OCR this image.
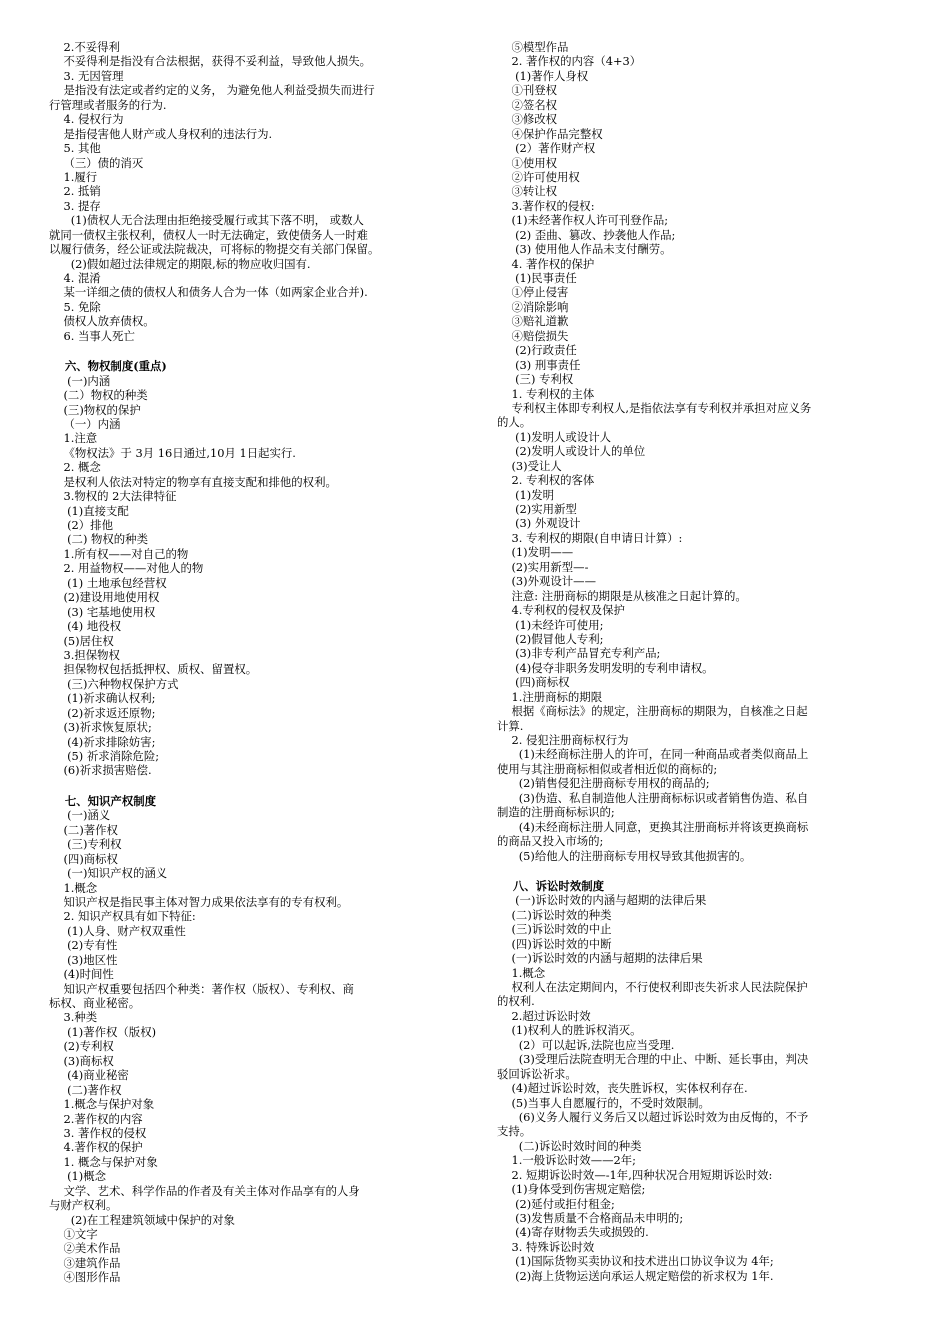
2.不妥得利
不妥得利是指没有合法根据，获得不妥利益，导致他人损失。
3. 无因管理
是指没有法定或者约定的义务， 为避免他人利益受损失而进行
行管理或者服务的行为.
4. 侵权行为
是指侵害他人财产或人身权利的违法行为.
5. 其他
（三）债的消灭
1.履行
2. 抵销
3. 提存
(1)债权人无合法理由拒绝接受履行或其下落不明， 或数人
就同一债权主张权利，债权人一时无法确定，致使债务人一时难
以履行债务，经公证或法院裁决，可将标的物提交有关部门保留。
(2)假如超过法律规定的期限,标的物应收归国有.
4. 混淆
某一详细之债的债权人和债务人合为一体（如两家企业合并).
5. 免除
债权人放弃债权。
6. 当事人死亡
六、物权制度(重点)
(一)内涵
(二）物权的种类
(三)物权的保护
（一）内涵
1.注意
《物权法》于 3月 16日通过,10月 1日起实行.
2. 概念
是权利人依法对特定的物享有直接支配和排他的权利。
3.物权的 2大法律特征
(1)直接支配
(2）排他
(二) 物权的种类
1.所有权——对自己的物
2. 用益物权——对他人的物
(1) 土地承包经营权
(2)建设用地使用权
(3) 宅基地使用权
(4) 地役权
(5)居住权
3.担保物权
担保物权包括抵押权、质权、留置权。
(三)六种物权保护方式
(1)祈求确认权利;
(2)祈求返还原物;
(3)祈求恢复原状;
(4)祈求排除妨害;
(5) 祈求消除危险;
(6)祈求损害赔偿.
七、知识产权制度
(一)涵义
(二)著作权
(三)专利权
(四)商标权
(一)知识产权的涵义
1.概念
知识产权是指民事主体对智力成果依法享有的专有权利。
2. 知识产权具有如下特征:
(1)人身、财产权双重性
(2)专有性
(3)地区性
(4)时间性
知识产权重要包括四个种类：著作权（版权）、专利权、商
标权、商业秘密。
3.种类
(1)著作权（版权)
(2)专利权
(3)商标权
(4)商业秘密
(二)著作权
1.概念与保护对象
2.著作权的内容
3. 著作权的侵权
4.著作权的保护
1. 概念与保护对象
(1)概念
文学、艺术、科学作品的作者及有关主体对作品享有的人身
与财产权利。
(2)在工程建筑领域中保护的对象
①文字
②美术作品
③建筑作品
④图形作品
⑤模型作品
2. 著作权的内容（4+3）
(1)著作人身权
①刊登权
②签名权
③修改权
④保护作品完整权
(2）著作财产权
①使用权
②许可使用权
③转让权
3.著作权的侵权:
(1)未经著作权人许可刊登作品;
(2) 歪曲、篡改、抄袭他人作品;
(3) 使用他人作品未支付酬劳。
4. 著作权的保护
(1)民事责任
①停止侵害
②消除影响
③赔礼道歉
④赔偿损失
(2)行政责任
(3) 刑事责任
(三) 专利权
1. 专利权的主体
专利权主体即专利权人,是指依法享有专利权并承担对应义务
的人。
(1)发明人或设计人
(2)发明人或设计人的单位
(3)受让人
2. 专利权的客体
(1)发明
(2)实用新型
(3) 外观设计
3. 专利权的期限(自申请日计算）:
(1)发明——
(2)实用新型—-
(3)外观设计——
注意: 注册商标的期限是从核准之日起计算的。
4.专利权的侵权及保护
(1)未经许可使用;
(2)假冒他人专利;
(3)非专利产品冒充专利产品;
(4)侵夺非职务发明发明的专利申请权。
(四)商标权
1.注册商标的期限
根据《商标法》的规定，注册商标的期限为，自核准之日起
计算.
2. 侵犯注册商标权行为
(1)未经商标注册人的许可，在同一种商品或者类似商品上
使用与其注册商标相似或者相近似的商标的;
(2)销售侵犯注册商标专用权的商品的;
(3)伪造、私自制造他人注册商标标识或者销售伪造、私自
制造的注册商标标识的;
(4)未经商标注册人同意，更换其注册商标并将该更换商标
的商品又投入市场的;
(5)给他人的注册商标专用权导致其他损害的。
八、诉讼时效制度
(一)诉讼时效的内涵与超期的法律后果
(二)诉讼时效的种类
(三)诉讼时效的中止
(四)诉讼时效的中断
(一)诉讼时效的内涵与超期的法律后果
1.概念
权利人在法定期间内，不行使权利即丧失祈求人民法院保护
的权利.
2.超过诉讼时效
(1)权利人的胜诉权消灭。
(2）可以起诉,法院也应当受理.
(3)受理后法院查明无合理的中止、中断、延长事由，判决
驳回诉讼祈求。
(4)超过诉讼时效，丧失胜诉权，实体权利存在.
(5)当事人自愿履行的，不受时效限制。
(6)义务人履行义务后又以超过诉讼时效为由反悔的，不予
支持。
(二)诉讼时效时间的种类
1.一般诉讼时效——2年;
2. 短期诉讼时效—-1年,四种状况合用短期诉讼时效:
(1)身体受到伤害规定赔偿;
(2)延付或拒付租金;
(3)发售质量不合格商品未申明的;
(4)寄存财物丢失或损毁的.
3. 特殊诉讼时效
(1)国际货物买卖协议和技术进出口协议争议为 4年;
(2)海上货物运送向承运人规定赔偿的祈求权为 1年.
